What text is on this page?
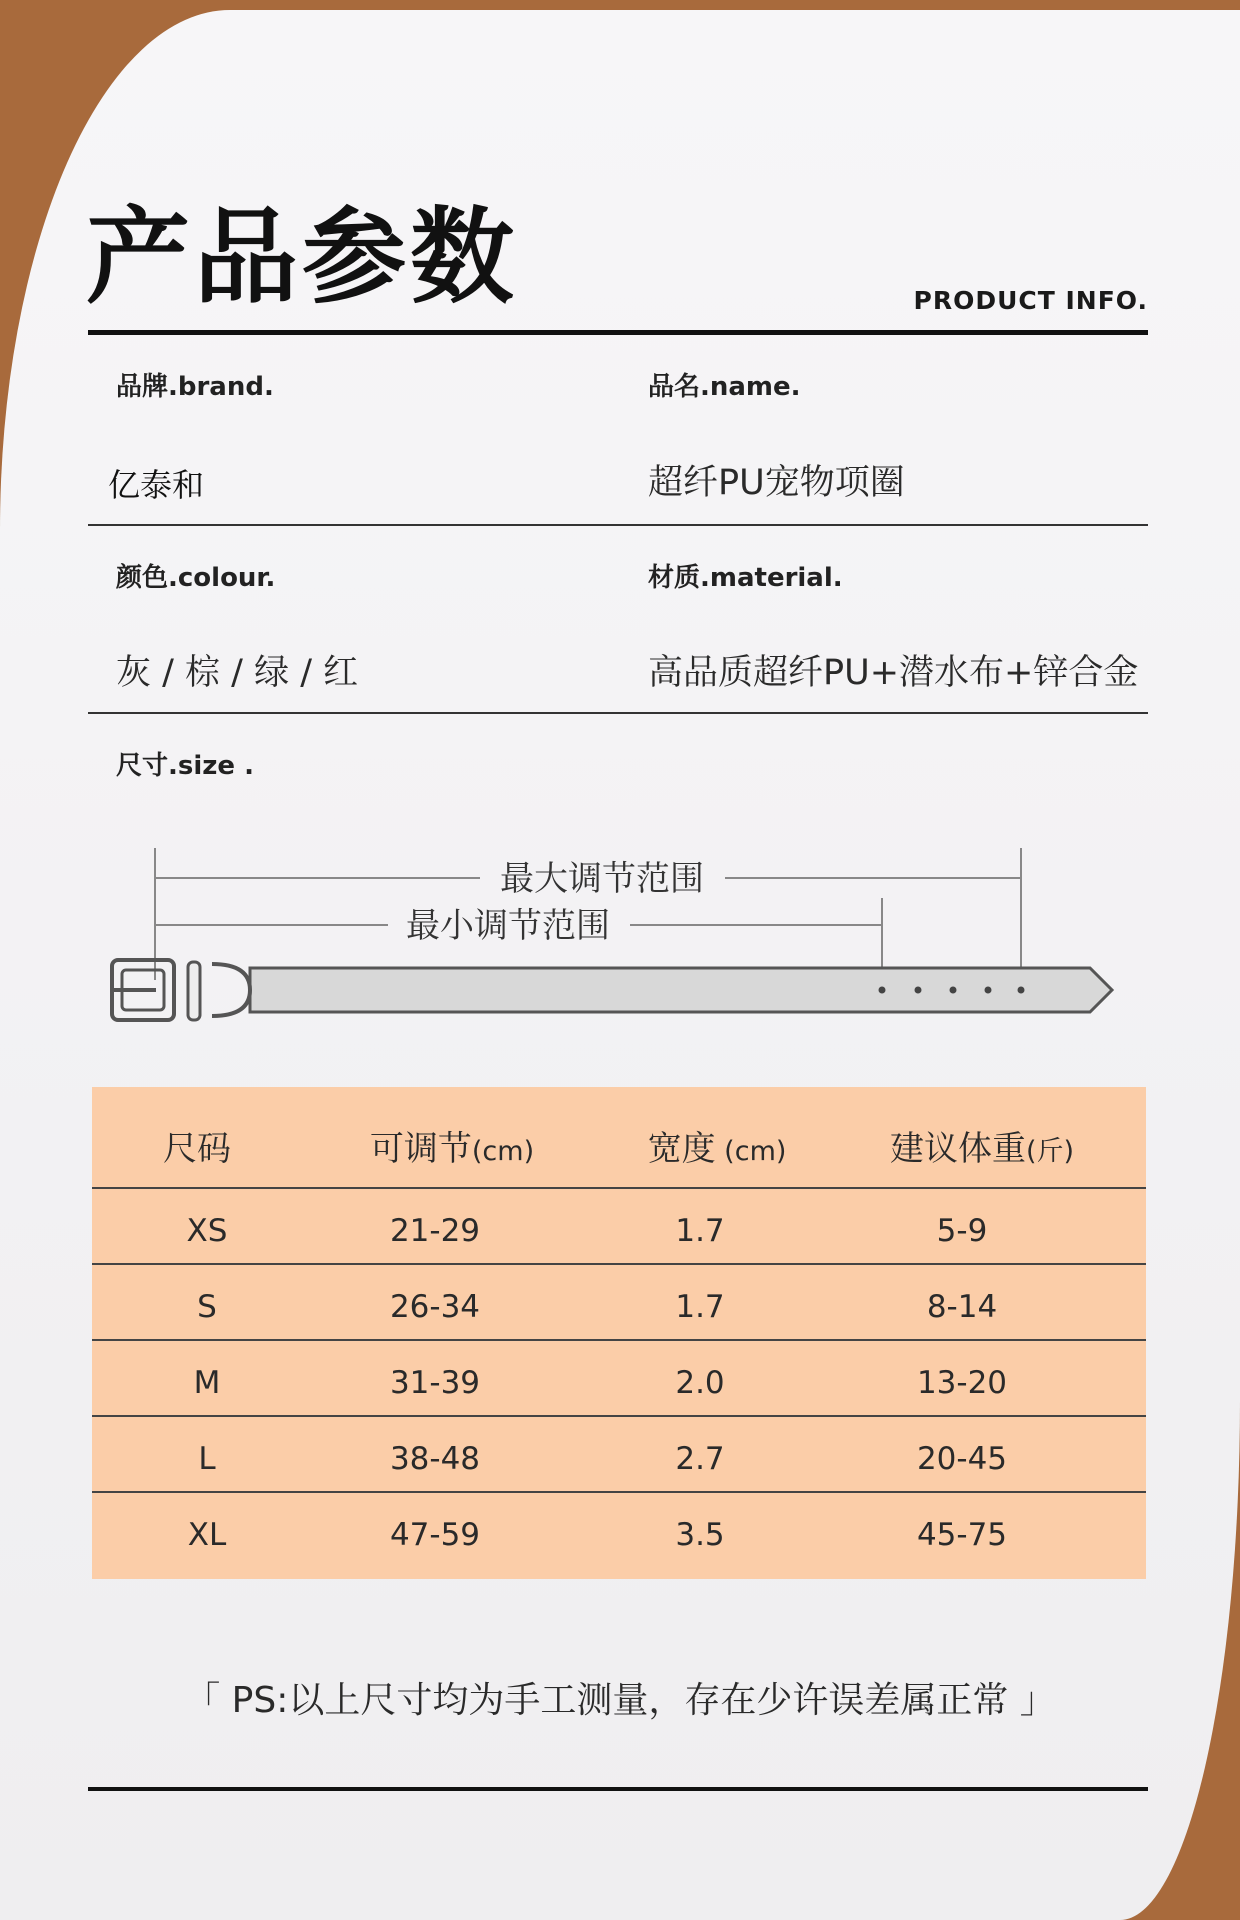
产品参数	PRODUCT INFO.
品牌.brand.
亿泰和
品名.name.
超纤PU宠物项圈
颜色.colour.
灰 / 棕 / 绿 / 红
材质.material.
高品质超纤PU+潜水布+锌合金
尺寸.size .
最大调节范围
最小调节范围
尺码	可调节(cm)	宽度 (cm)	建议体重(斤)
XS	21-29	1.7	5-9
S	26-34	1.7	8-14
M	31-39	2.0	13-20
L	38-48	2.7	20-45
XL	47-59	3.5	45-75
「 PS:以上尺寸均为手工测量，存在少许误差属正常 」
